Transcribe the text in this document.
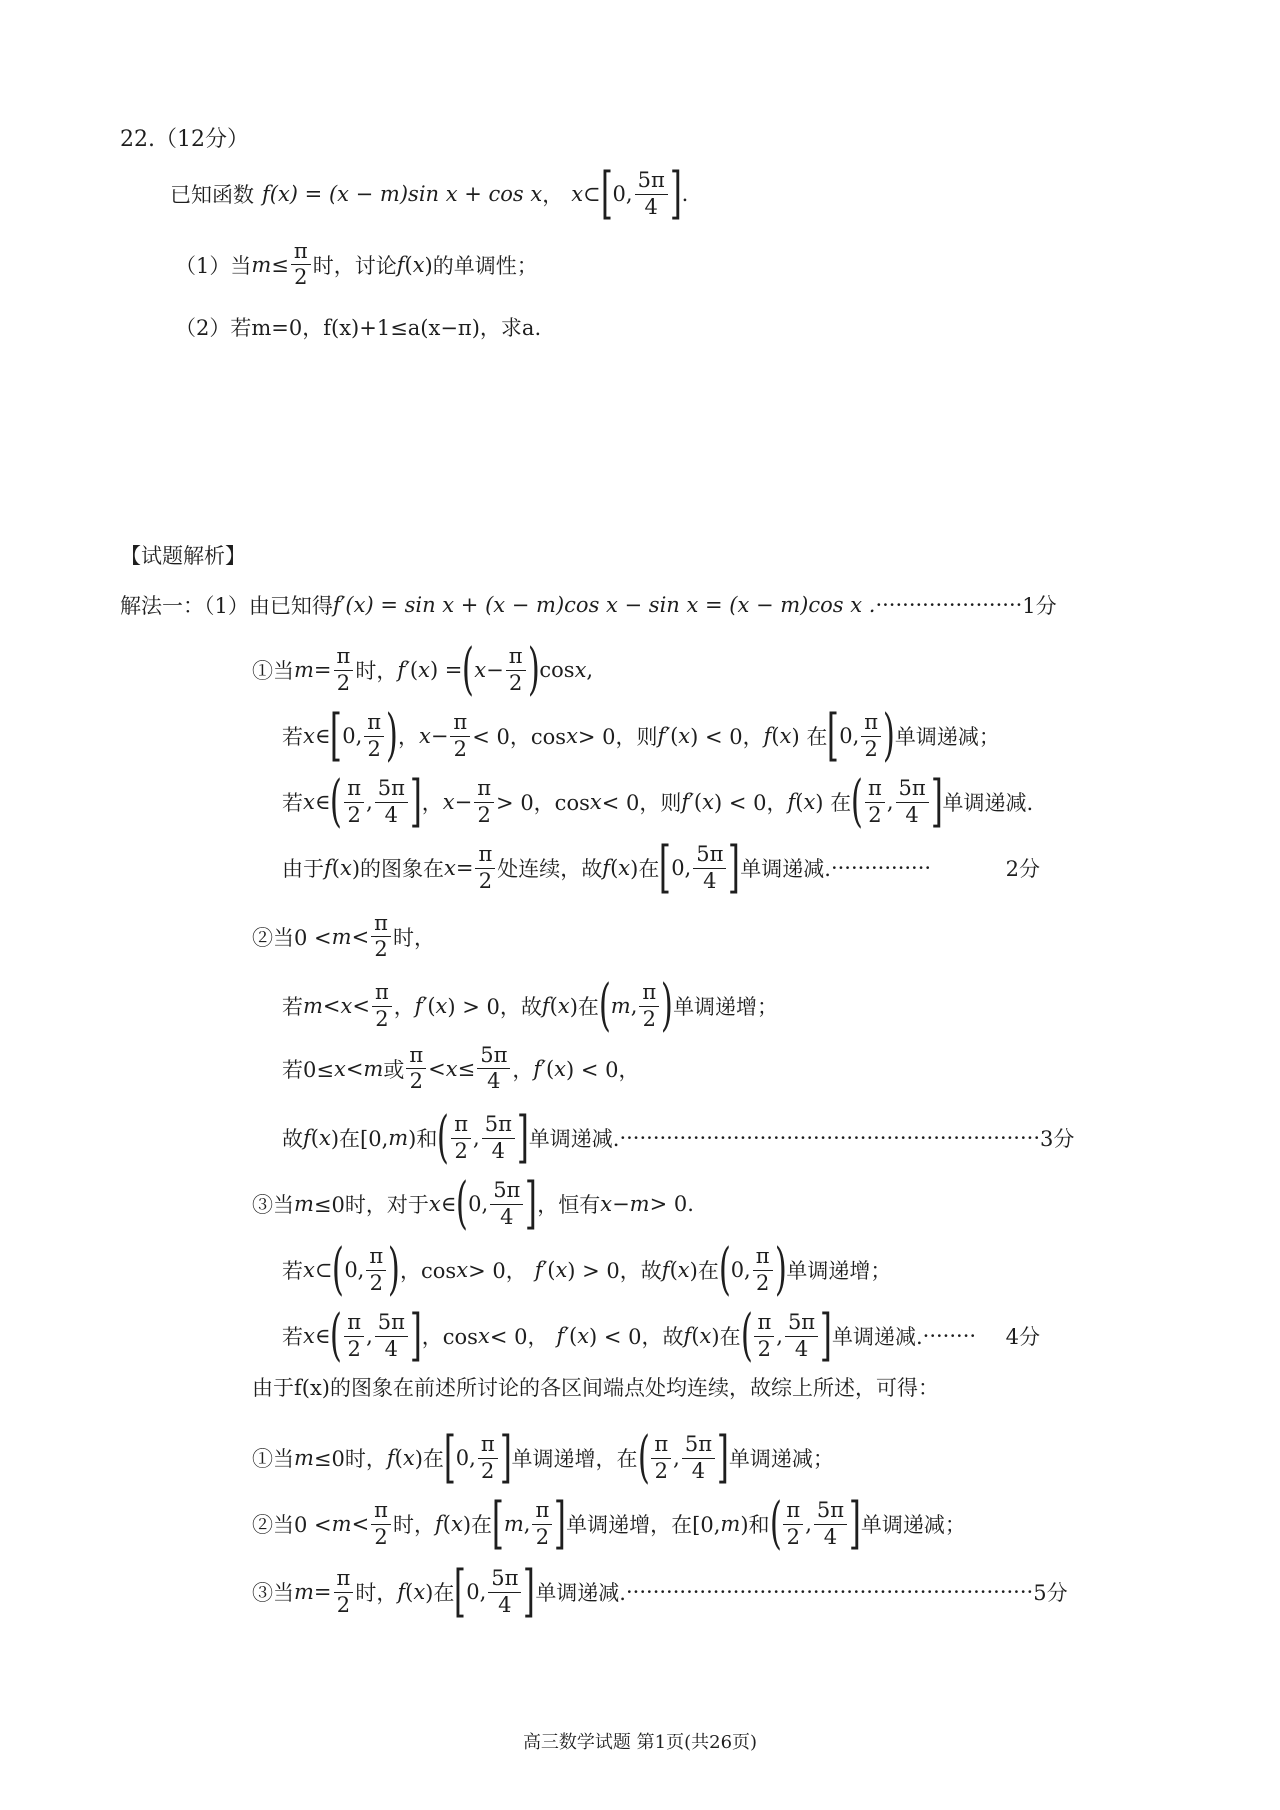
22.（12分）
已知函数 f(x) = (x − m)sin x + cos x ， x⊂ [ 0,
5π
4 ] .
（1）当 $m \le \frac{\pi}{2}$ 时，讨论 f ( x )的单调性；
（2）若m=0，f(x)+1≤a(x−π)，求a.
【试题解析】
解法一：（1）由已知得 f′(x) = sin x + (x − m)cos x − sin x = (x − m)cos x . ······················ 1分
①当 $m = \frac{\pi}{2}$ 时， f′ ( x ) = ( $x - \frac{\pi}{2}$ ) cos x ,
若 x ∈ [ 0,
π
2 ) ， $x - \frac{\pi}{2} < 0$，cos x > 0，则 f′ ( x ) < 0， f ( x ) 在 [ 0,
π
2 ) 单调递减；
若 x ∈ ( π
2
,
5π
4 ] ， $x - \frac{\pi}{2} > 0$，cos x < 0，则 f′ ( x ) < 0， f ( x ) 在 ( π
2
,
5π
4 ] 单调递减.
由于 f ( x )的图象在 $x = \frac{\pi}{2}$ 处连续，故 f ( x )在 [ 0,
5π
4 ] 单调递减. ···············	2分
②当0 < m <
π
2 时，
若 m < x <
π
2 ， f′ ( x ) > 0，故 f ( x )在 ( m ,
π
2 ) 单调递增；
若0≤ x < m 或
π
2
< $x \le \frac{5\pi}{4}$ ， f′ ( x ) < 0，
故 f ( x )在[0, m )和 ( π
2
,
5π
4 ] 单调递减. ······························································· 3分
③当 m ≤0时，对于 x ∈ ( 0,
5π
4 ] ，恒有 x − m > 0.
若 x ⊂ ( 0,
π
2 ) ，cos x > 0， f′ ( x ) > 0，故 f ( x )在 ( 0,
π
2 ) 单调递增；
若 x ∈ ( π
2
,
5π
4 ] ，cos x < 0， f′ ( x ) < 0，故 f ( x )在 ( π
2
,
5π
4 ] 单调递减. ········	4分
由于f(x)的图象在前述所讨论的各区间端点处均连续，故综上所述，可得：
①当 m ≤0时， f ( x )在 [ 0,
π
2 ] 单调递增，在 ( π
2
,
5π
4 ] 单调递减；
②当0 < m <
π
2 时， f ( x )在 [ m ,
π
2 ] 单调递增，在[0, m )和 ( π
2
,
5π
4 ] 单调递减；
③当 $m = \frac{\pi}{2}$ 时， f ( x )在 [ 0,
5π
4 ] 单调递减. ····························································· 5分
高三数学试题 第1页(共26页)
